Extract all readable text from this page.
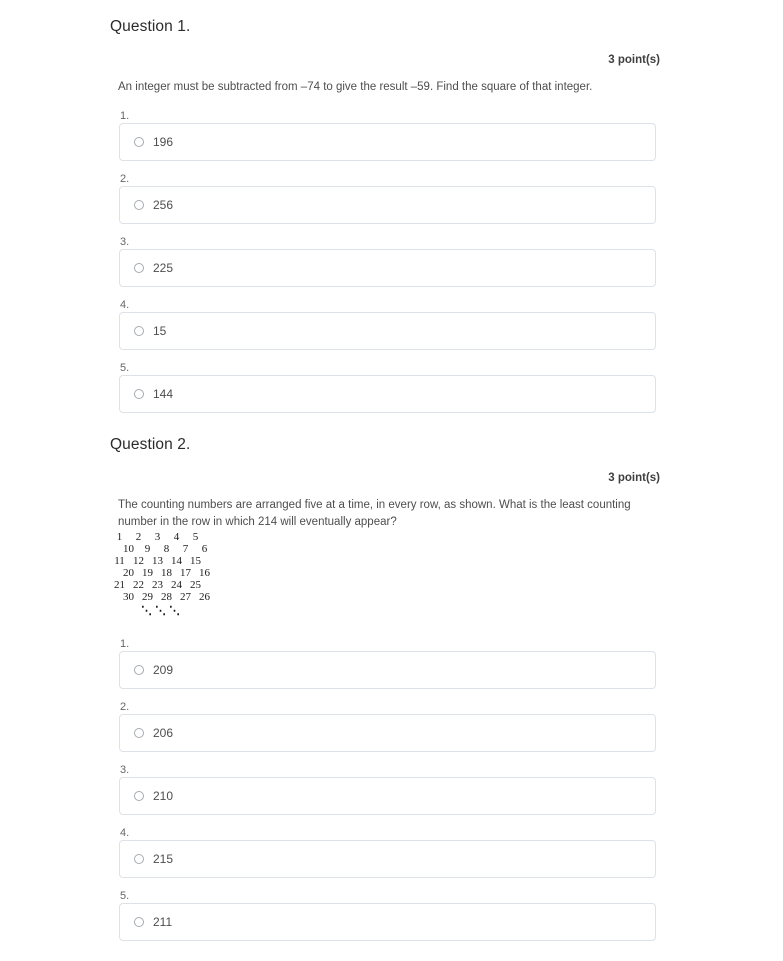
Question 1.
3 point(s)
An integer must be subtracted from –74 to give the result –59. Find the square of that integer.
1.
196
2.
256
3.
225
4.
15
5.
144
Question 2.
3 point(s)
The counting numbers are arranged five at a time, in every row, as shown. What is the least counting number in the row in which 214 will eventually appear?
1 2 3 4 5
10 9 8 7 6
11 12 13 14 15
20 19 18 17 16
21 22 23 24 25
30 29 28 27 26
⋱ ⋱ ⋱
1.
209
2.
206
3.
210
4.
215
5.
211
